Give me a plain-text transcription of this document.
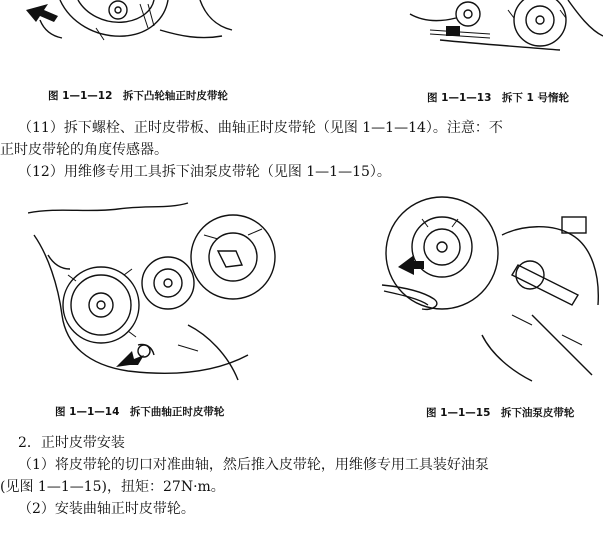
图 1—1—12　拆下凸轮轴正时皮带轮	图 1—1—13　拆下 1 号惰轮
（11）拆下螺栓、正时皮带板、曲轴正时皮带轮（见图 1—1—14）。注意：不
正时皮带轮的角度传感器。
（12）用维修专用工具拆下油泵皮带轮（见图 1—1—15）。
图 1—1—14　拆下曲轴正时皮带轮	图 1—1—15　拆下油泵皮带轮
2．正时皮带安装
（1）将皮带轮的切口对准曲轴，然后推入皮带轮，用维修专用工具装好油泵
(见图 1—1—15)，扭矩：27N·m。
（2）安装曲轴正时皮带轮。
